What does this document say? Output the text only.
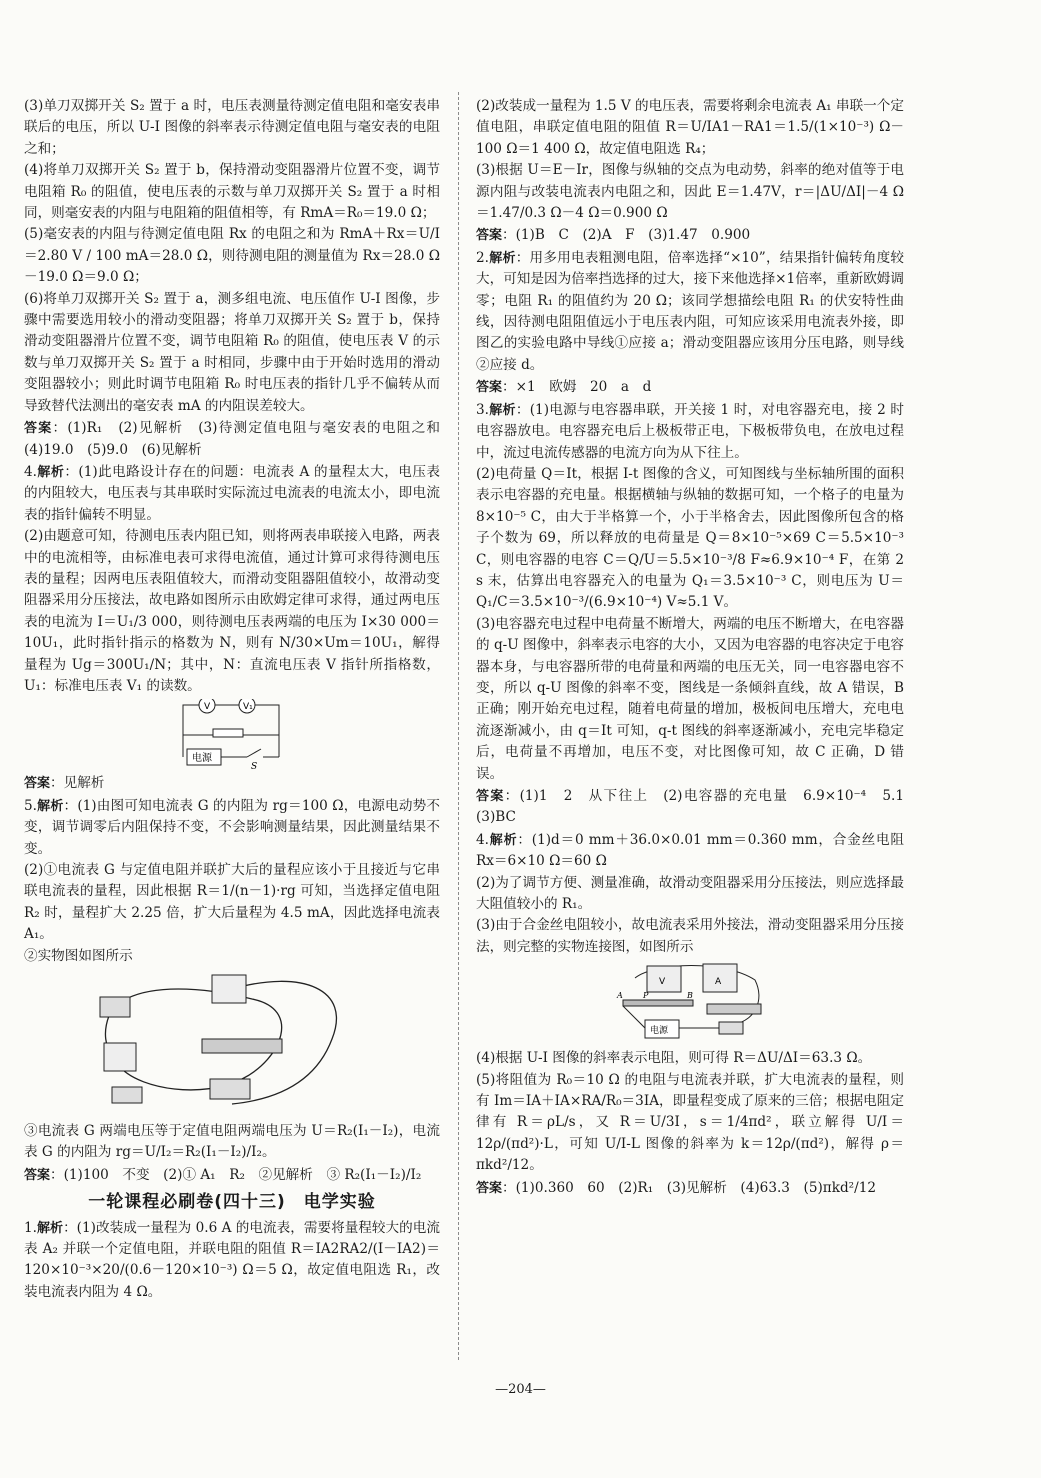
(3)单刀双掷开关 S₂ 置于 a 时，电压表测量待测定值电阻和毫安表串联后的电压，所以 U-I 图像的斜率表示待测定值电阻与毫安表的电阻之和；

(4)将单刀双掷开关 S₂ 置于 b，保持滑动变阻器滑片位置不变，调节电阻箱 R₀ 的阻值，使电压表的示数与单刀双掷开关 S₂ 置于 a 时相同，则毫安表的内阻与电阻箱的阻值相等，有 RmA＝R₀＝19.0 Ω；

(5)毫安表的内阻与待测定值电阻 Rx 的电阻之和为 RmA＋Rx＝U/I＝2.80 V / 100 mA＝28.0 Ω，则待测电阻的测量值为 Rx＝28.0 Ω－19.0 Ω＝9.0 Ω；

(6)将单刀双掷开关 S₂ 置于 a，测多组电流、电压值作 U-I 图像，步骤中需要选用较小的滑动变阻器；将单刀双掷开关 S₂ 置于 b，保持滑动变阻器滑片位置不变，调节电阻箱 R₀ 的阻值，使电压表 V 的示数与单刀双掷开关 S₂ 置于 a 时相同，步骤中由于开始时选用的滑动变阻器较小；则此时调节电阻箱 R₀ 时电压表的指针几乎不偏转从而导致替代法测出的毫安表 mA 的内阻误差较大。

答案：(1)R₁　(2)见解析　(3)待测定值电阻与毫安表的电阻之和　(4)19.0　(5)9.0　(6)见解析

4.解析：(1)此电路设计存在的问题：电流表 A 的量程太大，电压表的内阻较大，电压表与其串联时实际流过电流表的电流太小，即电流表的指针偏转不明显。

(2)由题意可知，待测电压表内阻已知，则将两表串联接入电路，两表中的电流相等，由标准电表可求得电流值，通过计算可求得待测电压表的量程；因两电压表阻值较大，而滑动变阻器阻值较小，故滑动变阻器采用分压接法，故电路如图所示由欧姆定律可求得，通过两电压表的电流为 I＝U₁/3 000，则待测电压表两端的电压为 I×30 000＝10U₁，此时指针指示的格数为 N，则有 N/30×Um＝10U₁，解得量程为 Ug＝300U₁/N；其中，N：直流电压表 V 指针所指格数，U₁：标准电压表 V₁ 的读数。

V	V₁
电源
S

答案：见解析

5.解析：(1)由图可知电流表 G 的内阻为 rg＝100 Ω，电源电动势不变，调节调零后内阻保持不变，不会影响测量结果，因此测量结果不变。

(2)①电流表 G 与定值电阻并联扩大后的量程应该小于且接近与它串联电流表的量程，因此根据 R＝1/(n－1)·rg 可知，当选择定值电阻 R₂ 时，量程扩大 2.25 倍，扩大后量程为 4.5 mA，因此选择电流表 A₁。

②实物图如图所示

③电流表 G 两端电压等于定值电阻两端电压为 U＝R₂(I₁－I₂)，电流表 G 的内阻为 rg＝U/I₂＝R₂(I₁－I₂)/I₂。

答案：(1)100　不变　(2)① A₁　R₂　②见解析　③ R₂(I₁－I₂)/I₂

一轮课程必刷卷(四十三)　电学实验

1.解析：(1)改装成一量程为 0.6 A 的电流表，需要将量程较大的电流表 A₂ 并联一个定值电阻，并联电阻的阻值 R＝IA2RA2/(I－IA2)＝120×10⁻³×20/(0.6－120×10⁻³) Ω＝5 Ω，故定值电阻选 R₁，改装电流表内阻为 4 Ω。

(2)改装成一量程为 1.5 V 的电压表，需要将剩余电流表 A₁ 串联一个定值电阻，串联定值电阻的阻值 R＝U/IA1－RA1＝1.5/(1×10⁻³) Ω－100 Ω＝1 400 Ω，故定值电阻选 R₄；

(3)根据 U＝E－Ir，图像与纵轴的交点为电动势，斜率的绝对值等于电源内阻与改装电流表内电阻之和，因此 E＝1.47V，r＝|ΔU/ΔI|－4 Ω＝1.47/0.3 Ω－4 Ω＝0.900 Ω

答案：(1)B　C　(2)A　F　(3)1.47　0.900

2.解析：用多用电表粗测电阻，倍率选择“×10”，结果指针偏转角度较大，可知是因为倍率挡选择的过大，接下来他选择×1倍率，重新欧姆调零；电阻 R₁ 的阻值约为 20 Ω；该同学想描绘电阻 R₁ 的伏安特性曲线，因待测电阻阻值远小于电压表内阻，可知应该采用电流表外接，即图乙的实验电路中导线①应接 a；滑动变阻器应该用分压电路，则导线②应接 d。

答案：×1　欧姆　20　a　d

3.解析：(1)电源与电容器串联，开关接 1 时，对电容器充电，接 2 时电容器放电。电容器充电后上极板带正电，下极板带负电，在放电过程中，流过电流传感器的电流方向为从下往上。

(2)电荷量 Q＝It，根据 I-t 图像的含义，可知图线与坐标轴所围的面积表示电容器的充电量。根据横轴与纵轴的数据可知，一个格子的电量为 8×10⁻⁵ C，由大于半格算一个，小于半格舍去，因此图像所包含的格子个数为 69，所以释放的电荷量是 Q＝8×10⁻⁵×69 C＝5.5×10⁻³ C，则电容器的电容 C＝Q/U＝5.5×10⁻³/8 F≈6.9×10⁻⁴ F，在第 2 s 末，估算出电容器充入的电量为 Q₁＝3.5×10⁻³ C，则电压为 U＝Q₁/C＝3.5×10⁻³/(6.9×10⁻⁴) V≈5.1 V。

(3)电容器充电过程中电荷量不断增大，两端的电压不断增大，在电容器的 q-U 图像中，斜率表示电容的大小，又因为电容器的电容决定于电容器本身，与电容器所带的电荷量和两端的电压无关，同一电容器电容不变，所以 q-U 图像的斜率不变，图线是一条倾斜直线，故 A 错误，B 正确；刚开始充电过程，随着电荷量的增加，极板间电压增大，充电电流逐渐减小，由 q＝It 可知，q-t 图线的斜率逐渐减小，充电完毕稳定后，电荷量不再增加，电压不变，对比图像可知，故 C 正确，D 错误。

答案：(1)1　2　从下往上　(2)电容器的充电量　6.9×10⁻⁴　5.1　(3)BC

4.解析：(1)d＝0 mm＋36.0×0.01 mm＝0.360 mm，合金丝电阻 Rx＝6×10 Ω＝60 Ω

(2)为了调节方便、测量准确，故滑动变阻器采用分压接法，则应选择最大阻值较小的 R₁。

(3)由于合金丝电阻较小，故电流表采用外接法，滑动变阻器采用分压接法，则完整的实物连接图，如图所示

V	A
A	P	B
电源

(4)根据 U-I 图像的斜率表示电阻，则可得 R＝ΔU/ΔI＝63.3 Ω。

(5)将阻值为 R₀＝10 Ω 的电阻与电流表并联，扩大电流表的量程，则有 Im＝IA＋IA×RA/R₀＝3IA，即量程变成了原来的三倍；根据电阻定律有 R＝ρL/s，又 R＝U/3I，s＝1/4πd²，联立解得 U/I＝12ρ/(πd²)·L，可知 U/I-L 图像的斜率为 k＝12ρ/(πd²)，解得 ρ＝πkd²/12。

答案：(1)0.360　60　(2)R₁　(3)见解析　(4)63.3　(5)πkd²/12

—204—
